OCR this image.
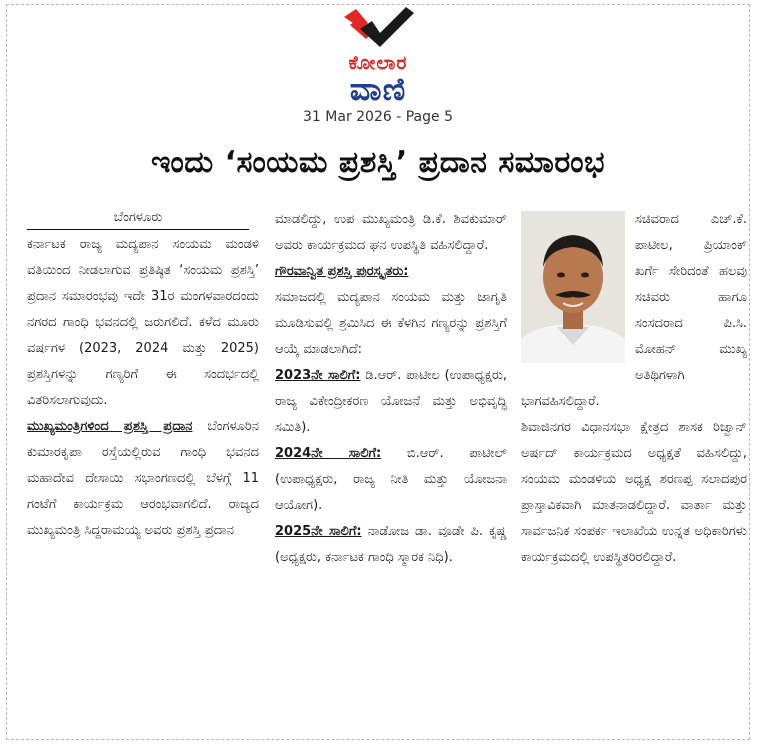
ಕೋಲಾರ
ವಾಣಿ
31 Mar 2026 - Page 5
ಇಂದು ‘ಸಂಯಮ ಪ್ರಶಸ್ತಿ’ ಪ್ರದಾನ ಸಮಾರಂಭ
ಬೆಂಗಳೂರು

ಕರ್ನಾಟಕ ರಾಜ್ಯ ಮದ್ಯಪಾನ ಸಂಯಮ ಮಂಡಳಿ ವತಿಯಿಂದ ನೀಡಲಾಗುವ ಪ್ರತಿಷ್ಠಿತ ‘ಸಂಯಮ ಪ್ರಶಸ್ತಿ’ ಪ್ರದಾನ ಸಮಾರಂಭವು ಇದೇ 31ರ ಮಂಗಳವಾರದಂದು ನಗರದ ಗಾಂಧಿ ಭವನದಲ್ಲಿ ಜರುಗಲಿದೆ. ಕಳೆದ ಮೂರು ವರ್ಷಗಳ (2023, 2024 ಮತ್ತು 2025) ಪ್ರಶಸ್ತಿಗಳನ್ನು ಗಣ್ಯರಿಗೆ ಈ ಸಂದರ್ಭದಲ್ಲಿ ವಿತರಿಸಲಾಗುವುದು.

ಮುಖ್ಯಮಂತ್ರಿಗಳಿಂದ ಪ್ರಶಸ್ತಿ ಪ್ರದಾನ ಬೆಂಗಳೂರಿನ ಕುಮಾರಕೃಪಾ ರಸ್ತೆಯಲ್ಲಿರುವ ಗಾಂಧಿ ಭವನದ ಮಹಾದೇವ ದೇಸಾಯಿ ಸಭಾಂಗಣದಲ್ಲಿ ಬೆಳಗ್ಗೆ 11 ಗಂಟೆಗೆ ಕಾರ್ಯಕ್ರಮ ಆರಂಭವಾಗಲಿದೆ. ರಾಜ್ಯದ ಮುಖ್ಯಮಂತ್ರಿ ಸಿದ್ದರಾಮಯ್ಯ ಅವರು ಪ್ರಶಸ್ತಿ ಪ್ರದಾನ

ಮಾಡಲಿದ್ದು, ಉಪ ಮುಖ್ಯಮಂತ್ರಿ ಡಿ.ಕೆ. ಶಿವಕುಮಾರ್ ಅವರು ಕಾರ್ಯಕ್ರಮದ ಘನ ಉಪಸ್ಥಿತಿ ವಹಿಸಲಿದ್ದಾರೆ.

ಗೌರವಾನ್ವಿತ ಪ್ರಶಸ್ತಿ ಪುರಸ್ಕೃತರು:

ಸಮಾಜದಲ್ಲಿ ಮದ್ಯಪಾನ ಸಂಯಮ ಮತ್ತು ಜಾಗೃತಿ ಮೂಡಿಸುವಲ್ಲಿ ಶ್ರಮಿಸಿದ ಈ ಕೆಳಗಿನ ಗಣ್ಯರನ್ನು ಪ್ರಶಸ್ತಿಗೆ ಆಯ್ಕೆ ಮಾಡಲಾಗಿದೆ:

2023ನೇ ಸಾಲಿಗೆ: ಡಿ.ಆರ್. ಪಾಟೀಲ (ಉಪಾಧ್ಯಕ್ಷರು, ರಾಜ್ಯ ವಿಕೇಂದ್ರೀಕರಣ ಯೋಜನೆ ಮತ್ತು ಅಭಿವೃದ್ಧಿ ಸಮಿತಿ).

2024ನೇ ಸಾಲಿಗೆ: ಬಿ.ಆರ್. ಪಾಟೀಲ್ (ಉಪಾಧ್ಯಕ್ಷರು, ರಾಜ್ಯ ನೀತಿ ಮತ್ತು ಯೋಜನಾ ಆಯೋಗ).

2025ನೇ ಸಾಲಿಗೆ: ನಾಡೋಜ ಡಾ. ವೂಡೇ ಪಿ. ಕೃಷ್ಣ (ಅಧ್ಯಕ್ಷರು, ಕರ್ನಾಟಕ ಗಾಂಧಿ ಸ್ಮಾರಕ ನಿಧಿ).

ಸಚಿವರಾದ ಎಚ್.ಕೆ. ಪಾಟೀಲ, ಪ್ರಿಯಾಂಕ್ ಖರ್ಗೆ ಸೇರಿದಂತೆ ಹಲವು ಸಚಿವರು ಹಾಗೂ ಸಂಸದರಾದ ಪಿ.ಸಿ. ಮೋಹನ್ ಮುಖ್ಯ ಅತಿಥಿಗಳಾಗಿ ಭಾಗವಹಿಸಲಿದ್ದಾರೆ.

ಶಿವಾಜಿನಗರ ವಿಧಾನಸಭಾ ಕ್ಷೇತ್ರದ ಶಾಸಕ ರಿಜ್ವಾನ್ ಅರ್ಷದ್ ಕಾರ್ಯಕ್ರಮದ ಅಧ್ಯಕ್ಷತೆ ವಹಿಸಲಿದ್ದು, ಸಂಯಮ ಮಂಡಳಿಯ ಅಧ್ಯಕ್ಷ ಶರಣಪ್ಪ ಸಲಾದಪುರ ಪ್ರಾಸ್ತಾವಿಕವಾಗಿ ಮಾತನಾಡಲಿದ್ದಾರೆ. ವಾರ್ತಾ ಮತ್ತು ಸಾರ್ವಜನಿಕ ಸಂಪರ್ಕ ಇಲಾಖೆಯ ಉನ್ನತ ಅಧಿಕಾರಿಗಳು ಕಾರ್ಯಕ್ರಮದಲ್ಲಿ ಉಪಸ್ಥಿತರಿರಲಿದ್ದಾರೆ.
